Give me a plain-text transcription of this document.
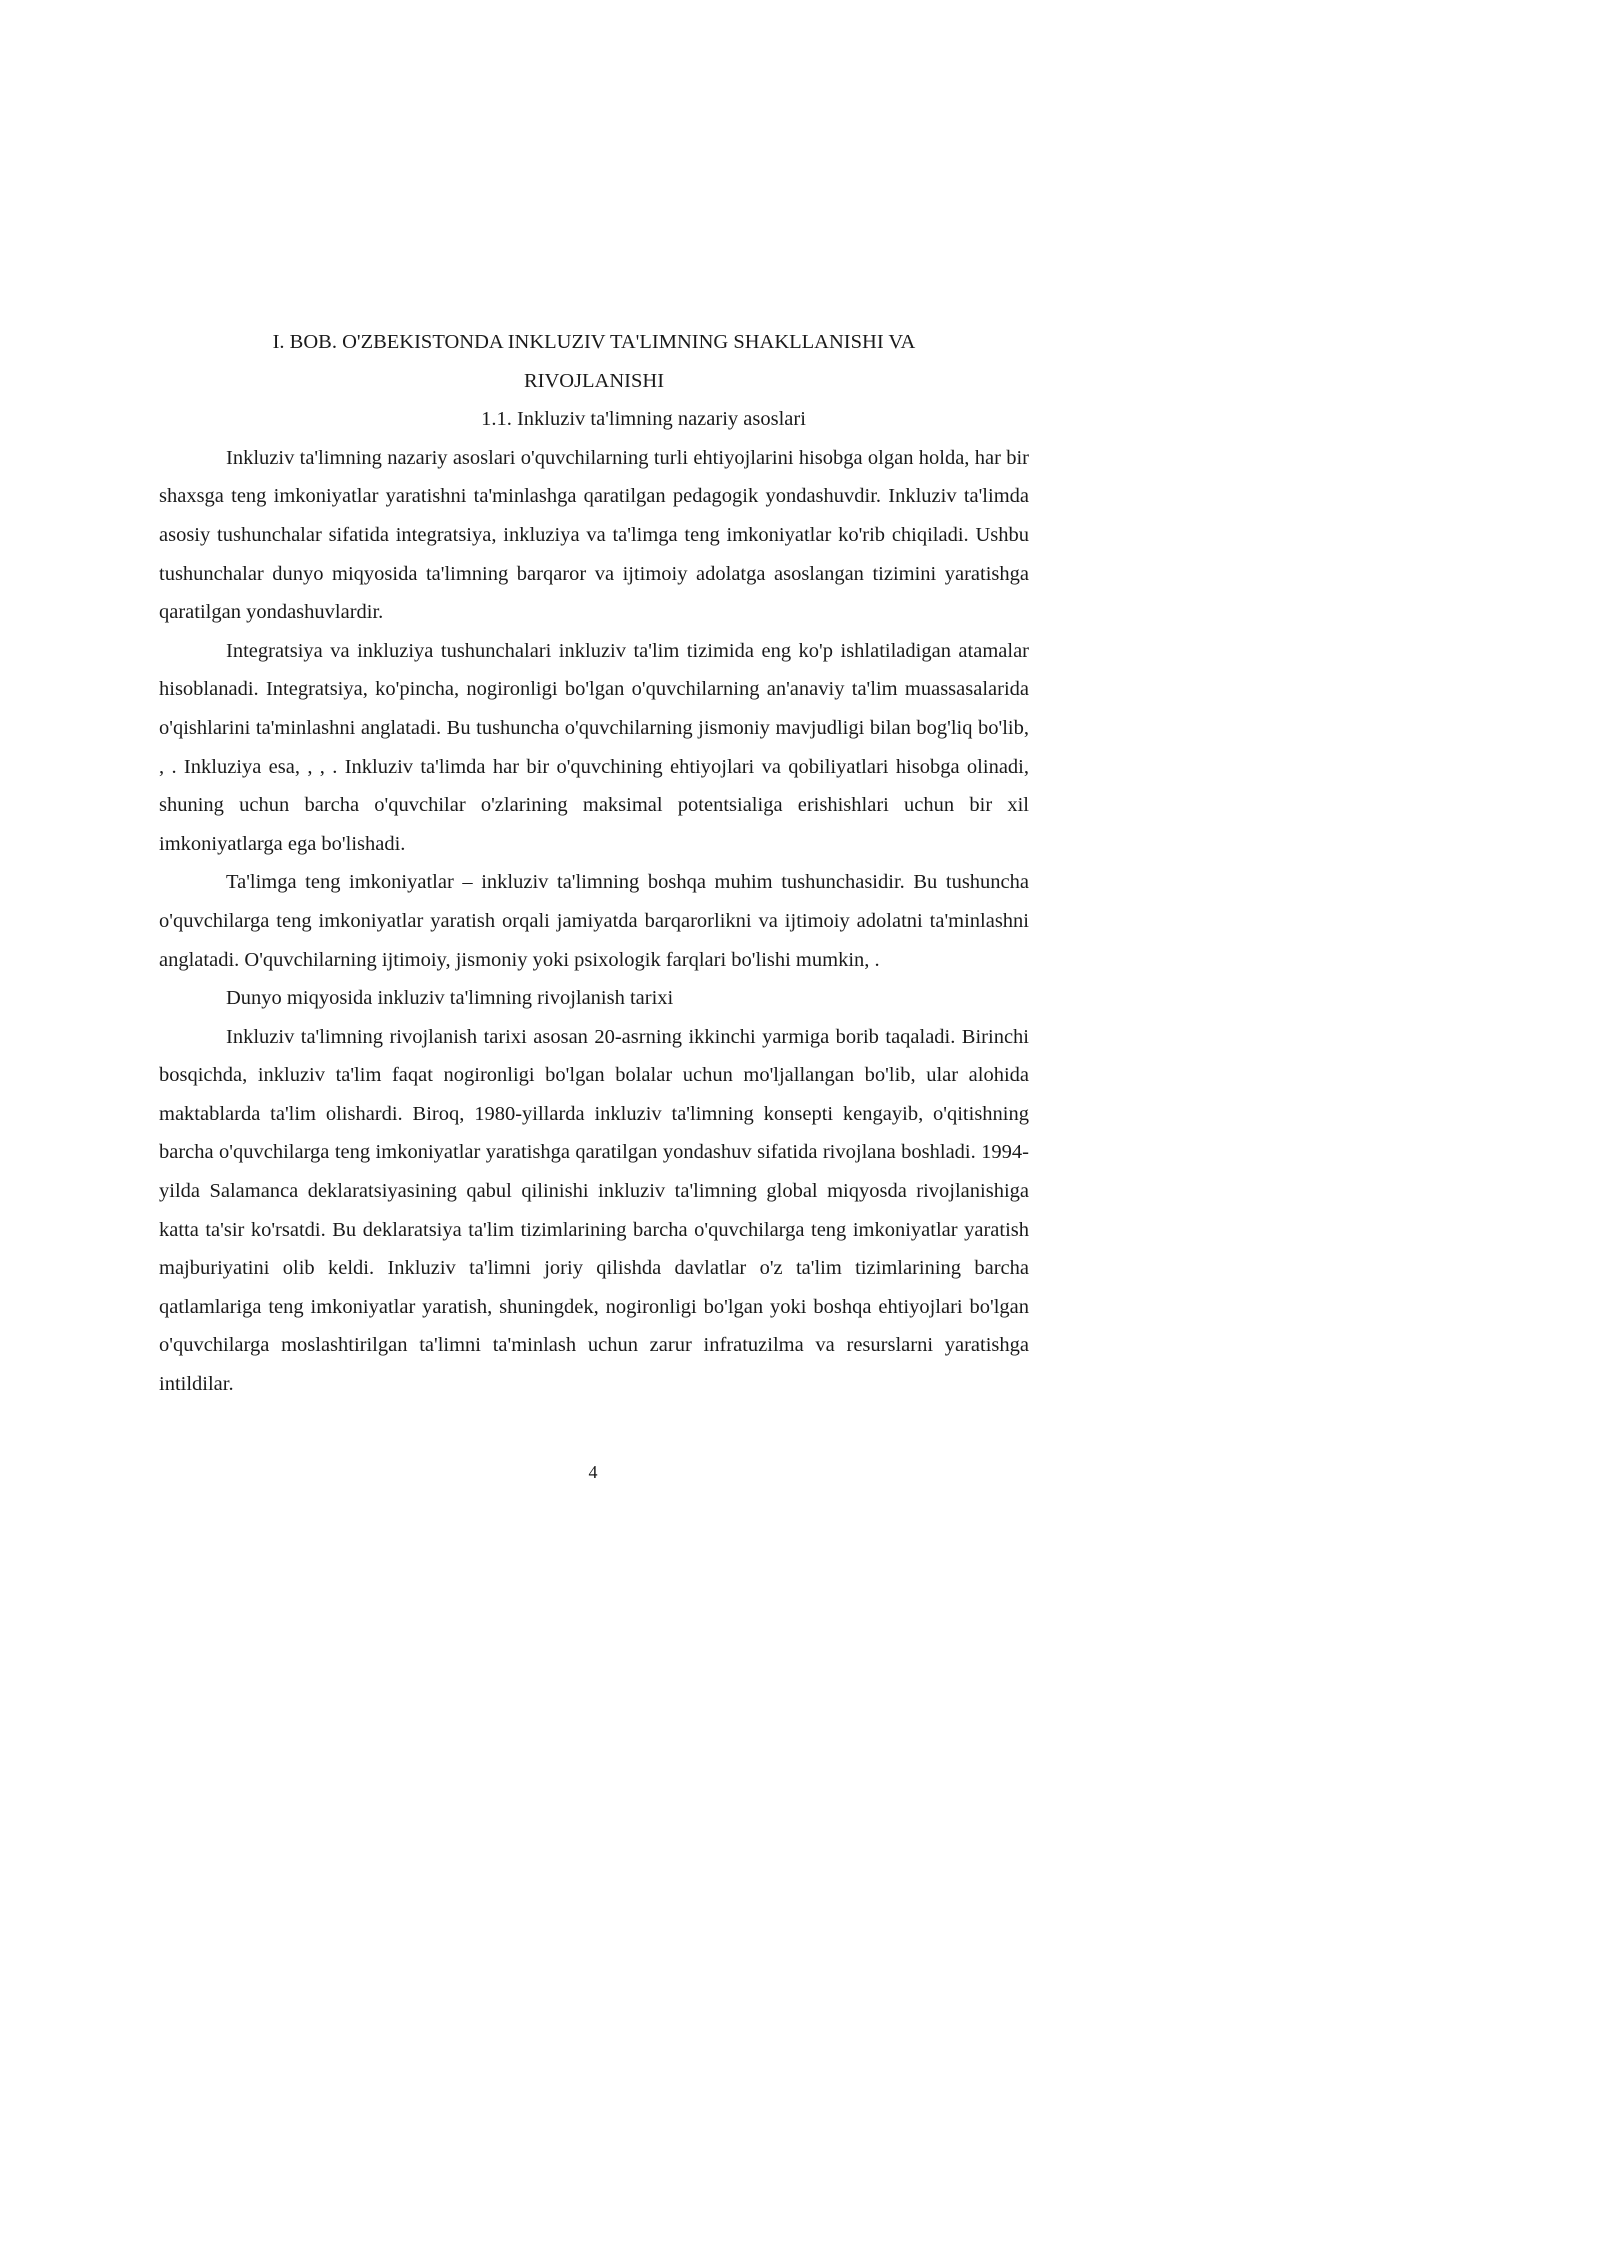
I. BOB. O'ZBEKISTONDA INKLUZIV TA'LIMNING SHAKLLANISHI VA RIVOJLANISHI
1.1. Inkluziv ta'limning nazariy asoslari

Inkluziv ta'limning nazariy asoslari o'quvchilarning turli ehtiyojlarini hisobga olgan holda, har bir shaxsga teng imkoniyatlar yaratishni ta'minlashga qaratilgan pedagogik yondashuvdir. Inkluziv ta'limda asosiy tushunchalar sifatida integratsiya, inkluziya va ta'limga teng imkoniyatlar ko'rib chiqiladi. Ushbu tushunchalar dunyo miqyosida ta'limning barqaror va ijtimoiy adolatga asoslangan tizimini yaratishga qaratilgan yondashuvlardir.

Integratsiya va inkluziya tushunchalari inkluziv ta'lim tizimida eng ko'p ishlatiladigan atamalar hisoblanadi. Integratsiya, ko'pincha, nogironligi bo'lgan o'quvchilarning an'anaviy ta'lim muassasalarida o'qishlarini ta'minlashni anglatadi. Bu tushuncha o'quvchilarning jismoniy mavjudligi bilan bog'liq bo'lib, , . Inkluziya esa, , , . Inkluziv ta'limda har bir o'quvchining ehtiyojlari va qobiliyatlari hisobga olinadi, shuning uchun barcha o'quvchilar o'zlarining maksimal potentsialiga erishishlari uchun bir xil imkoniyatlarga ega bo'lishadi.

Ta'limga teng imkoniyatlar – inkluziv ta'limning boshqa muhim tushunchasidir. Bu tushuncha o'quvchilarga teng imkoniyatlar yaratish orqali jamiyatda barqarorlikni va ijtimoiy adolatni ta'minlashni anglatadi. O'quvchilarning ijtimoiy, jismoniy yoki psixologik farqlari bo'lishi mumkin, .

Dunyo miqyosida inkluziv ta'limning rivojlanish tarixi

Inkluziv ta'limning rivojlanish tarixi asosan 20-asrning ikkinchi yarmiga borib taqaladi. Birinchi bosqichda, inkluziv ta'lim faqat nogironligi bo'lgan bolalar uchun mo'ljallangan bo'lib, ular alohida maktablarda ta'lim olishardi. Biroq, 1980-yillarda inkluziv ta'limning konsepti kengayib, o'qitishning barcha o'quvchilarga teng imkoniyatlar yaratishga qaratilgan yondashuv sifatida rivojlana boshladi. 1994-yilda Salamanca deklaratsiyasining qabul qilinishi inkluziv ta'limning global miqyosda rivojlanishiga katta ta'sir ko'rsatdi. Bu deklaratsiya ta'lim tizimlarining barcha o'quvchilarga teng imkoniyatlar yaratish majburiyatini olib keldi. Inkluziv ta'limni joriy qilishda davlatlar o'z ta'lim tizimlarining barcha qatlamlariga teng imkoniyatlar yaratish, shuningdek, nogironligi bo'lgan yoki boshqa ehtiyojlari bo'lgan o'quvchilarga moslashtirilgan ta'limni ta'minlash uchun zarur infratuzilma va resurslarni yaratishga intildilar.

4
